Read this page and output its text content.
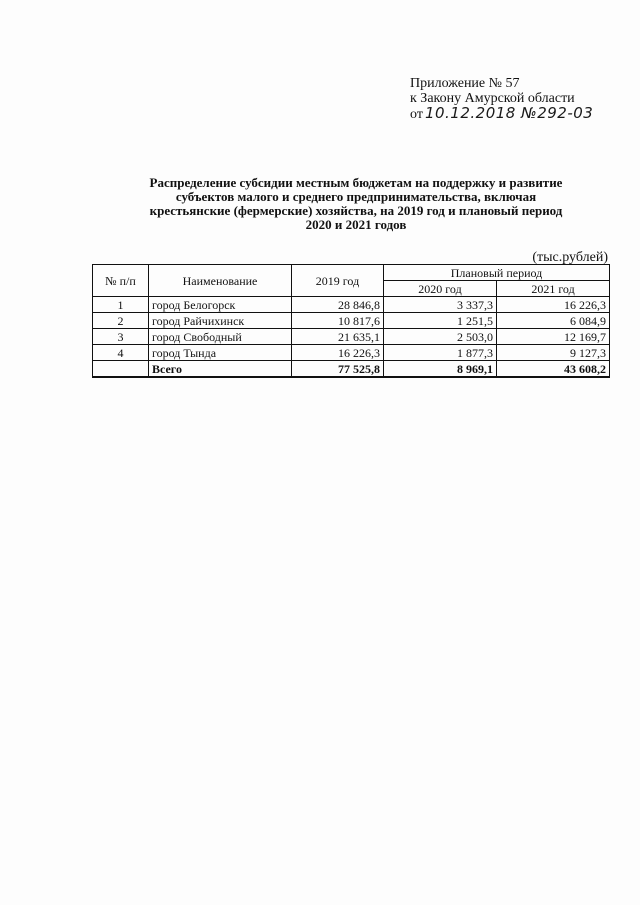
Приложение № 57
к Закону Амурской области
от 10.12.2018 №292-03
Распределение субсидии местным бюджетам на поддержку и развитие
субъектов малого и среднего предпринимательства, включая
крестьянские (фермерские) хозяйства, на 2019 год и плановый период
2020 и 2021 годов
(тыс.рублей)
№ п/п	Наименование	2019 год	Плановый период	
			2020 год	2021 год
1	город Белогорск	28 846,8	3 337,3	16 226,3
2	город Райчихинск	10 817,6	1 251,5	6 084,9
3	город Свободный	21 635,1	2 503,0	12 169,7
4	город Тында	16 226,3	1 877,3	9 127,3
	Всего	77 525,8	8 969,1	43 608,2
